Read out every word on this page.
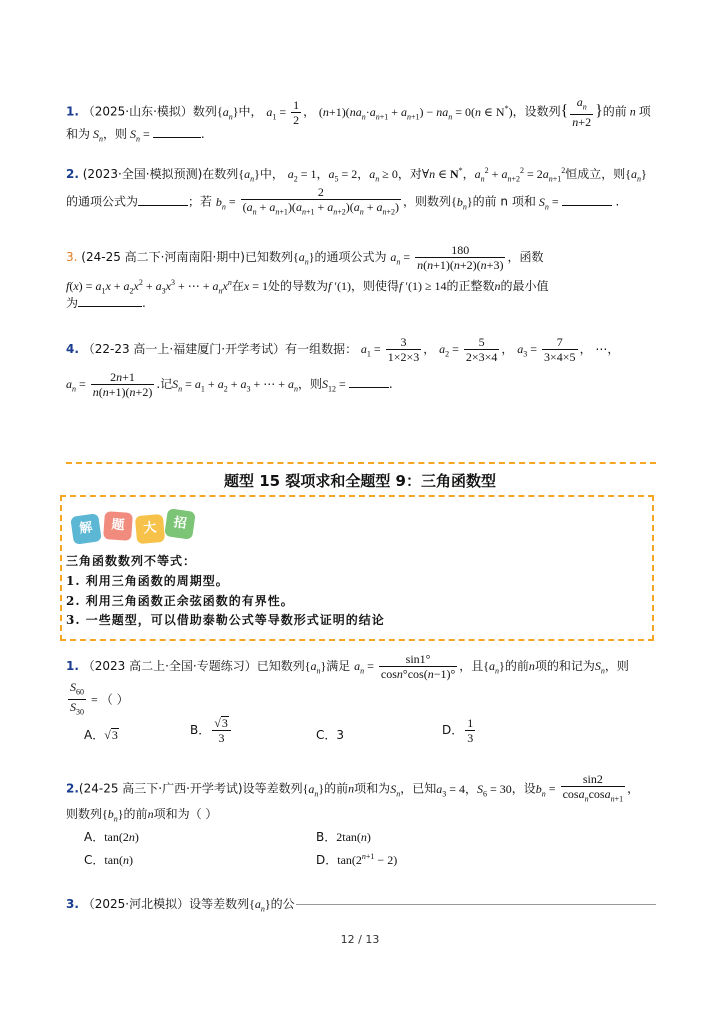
1. （2025·山东·模拟）数列$\{a_n\}$中， $a_1 = \frac{1}{2}$ ， $(n+1)(na_n\cdot a_{n+1} + a_{n+1}) - na_n = 0(n$ ∈ N*)，设数列{ $\frac{a_n}{n+2}$ }的前 n 项
和为 $S_n$，则 $S_n$ =	.
2. (2023·全国·模拟预测)在数列$\{a_n\}$中， $a_2 = 1$，$a_5 = 2$，$a_n \ge 0$，对∀n ∈ N*，$a_n^2 + a_{n+2}^2 = 2a_{n+1}^2$恒成立，则$\{a_n\}$
的通项公式为	；若 $b_n = \frac{2}{(a_n + a_{n+1})(a_{n+1} + a_{n+2})(a_n + a_{n+2})}$ ，则数列$\{b_n\}$的前 n 项和 $S_n$ =	.
3. (24-25 高二下·河南南阳·期中)已知数列$\{a_n\}$的通项公式为 $a_n = \frac{180}{n(n+1)(n+2)(n+3)}$ ，函数
$f(x) = a_1x + a_2x^2 + a_3x^3$ + ⋯ + $a_nx^n$在x = 1处的导数为f ′(1)，则使得f ′(1) ≥ 14的正整数n的最小值
为	.
4. （22-23 高一上·福建厦门·开学考试）有一组数据： $a_1 = \frac{3}{1\times 2\times 3}$ ， $a_2 = \frac{5}{2\times 3\times 4}$ ， $a_3 = \frac{7}{3\times 4\times 5}$ ， ⋯，
$a_n = \frac{2n+1}{n(n+1)(n+2)}$ .记$S_n = a_1 + a_2 + a_3$ + ⋯ + $a_n$，则$S_{12}$ =	.
题型 15 裂项求和全题型 9：三角函数型
解	题	大	招
三角函数数列不等式：
1. 利用三角函数的周期型。
2. 利用三角函数正余弦函数的有界性。
3. 一些题型，可以借助泰勒公式等导数形式证明的结论
1. （2023 高二上·全国·专题练习）已知数列$\{a_n\}$满足 $a_n = \frac{\sin 1^\circ}{\cos n^\circ\cos(n-1)^\circ}$ ，且$\{a_n\}$的前n项的和记为$S_n$，则
$\frac{S_{60}}{S_{30}}$ = （ ）
A．√3	B． $\frac{√3}{3}$	C．3	D． $\frac{1}{3}$
2.(24-25 高三下·广西·开学考试)设等差数列$\{a_n\}$的前n项和为$S_n$，已知$a_3 = 4$，$S_6 = 30$，设$b_n = \frac{\sin 2}{\cos a_n\cos a_{n+1}}$ ，
则数列$\{b_n\}$的前n项和为（ ）
A．tan(2n)	B．2tan(n)
C．tan(n)	D．$\tan(2^{n+1} - 2)$
3. （2025·河北模拟）设等差数列$\{a_n\}$的公
12 / 13
